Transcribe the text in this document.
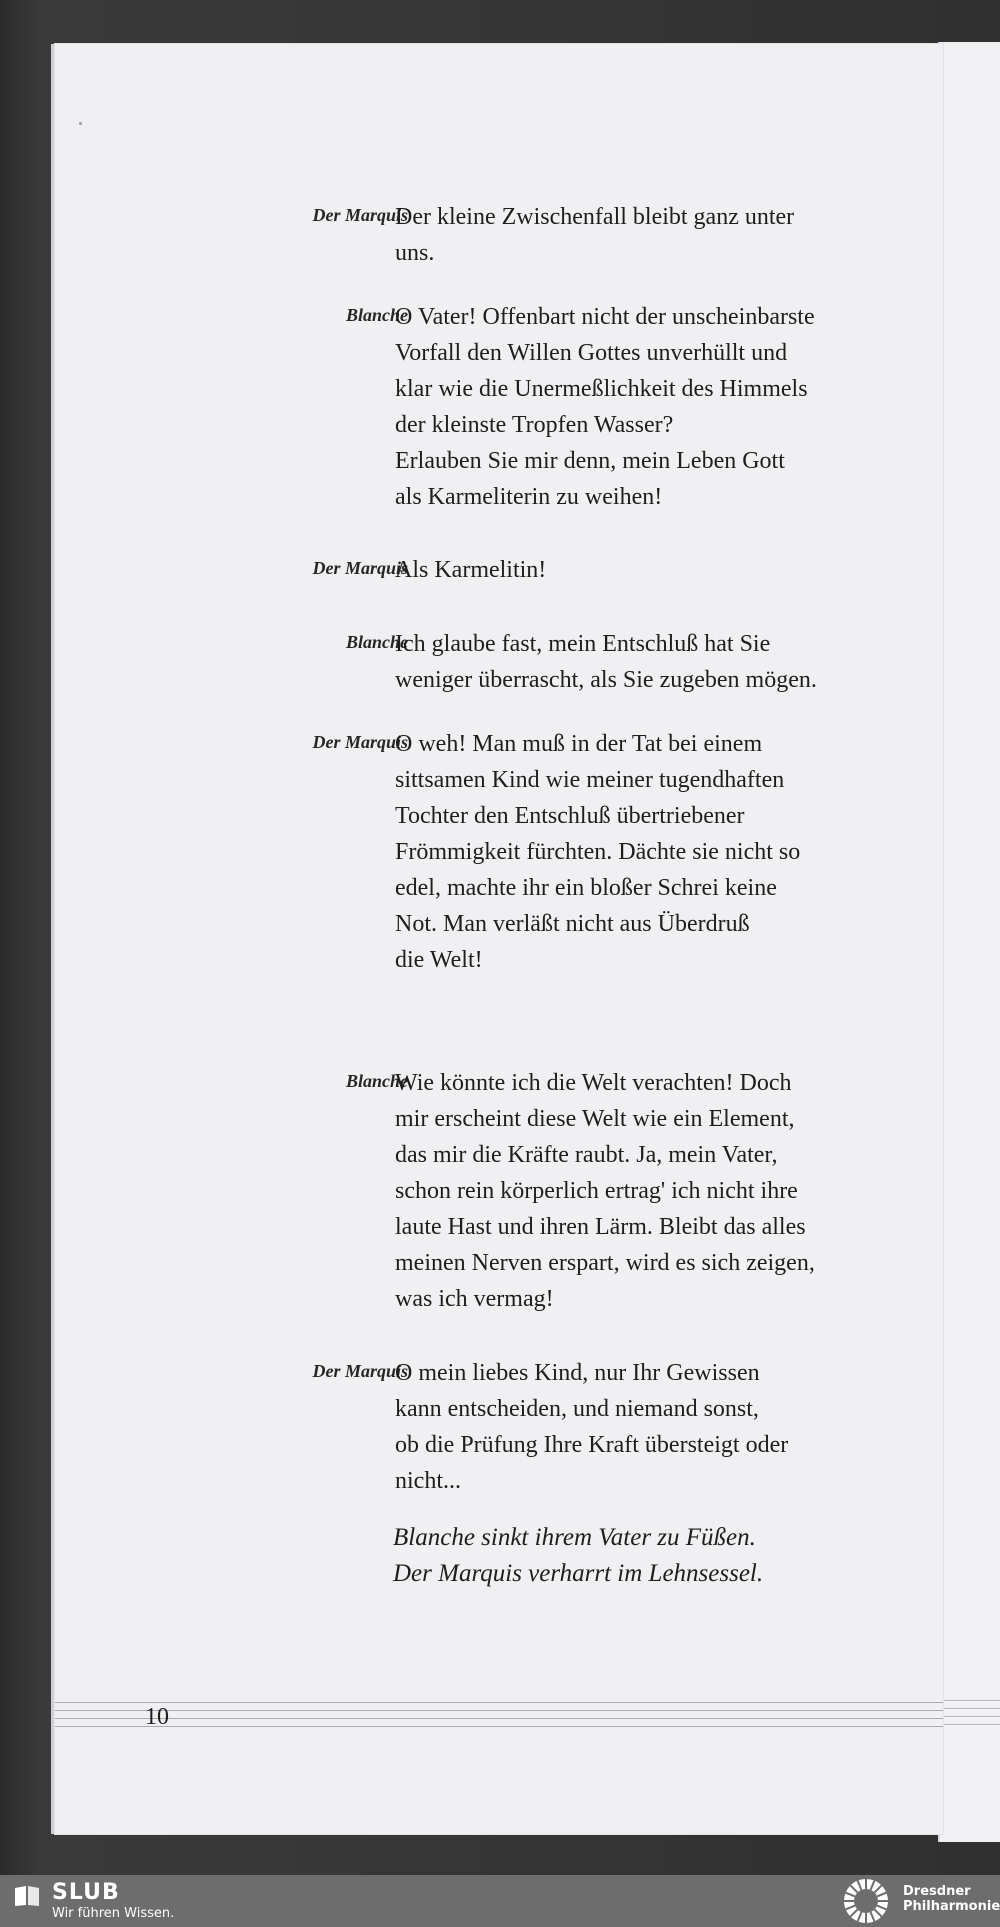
Der Marquis

Der kleine Zwischenfall bleibt ganz unter
uns.

Blanche

O Vater! Offenbart nicht der unscheinbarste
Vorfall den Willen Gottes unverhüllt und
klar wie die Unermeßlichkeit des Himmels
der kleinste Tropfen Wasser?
Erlauben Sie mir denn, mein Leben Gott
als Karmeliterin zu weihen!

Der Marquis

Als Karmelitin!

Blanche

Ich glaube fast, mein Entschluß hat Sie
weniger überrascht, als Sie zugeben mögen.

Der Marquis

O weh! Man muß in der Tat bei einem
sittsamen Kind wie meiner tugendhaften
Tochter den Entschluß übertriebener
Frömmigkeit fürchten. Dächte sie nicht so
edel, machte ihr ein bloßer Schrei keine
Not. Man verläßt nicht aus Überdruß
die Welt!

Blanche

Wie könnte ich die Welt verachten! Doch
mir erscheint diese Welt wie ein Element,
das mir die Kräfte raubt. Ja, mein Vater,
schon rein körperlich ertrag' ich nicht ihre
laute Hast und ihren Lärm. Bleibt das alles
meinen Nerven erspart, wird es sich zeigen,
was ich vermag!

Der Marquis

O mein liebes Kind, nur Ihr Gewissen
kann entscheiden, und niemand sonst,
ob die Prüfung Ihre Kraft übersteigt oder
nicht...

Blanche sinkt ihrem Vater zu Füßen.
Der Marquis verharrt im Lehnsessel.

10
SLUB
Wir führen Wissen.
Dresdner
Philharmonie
